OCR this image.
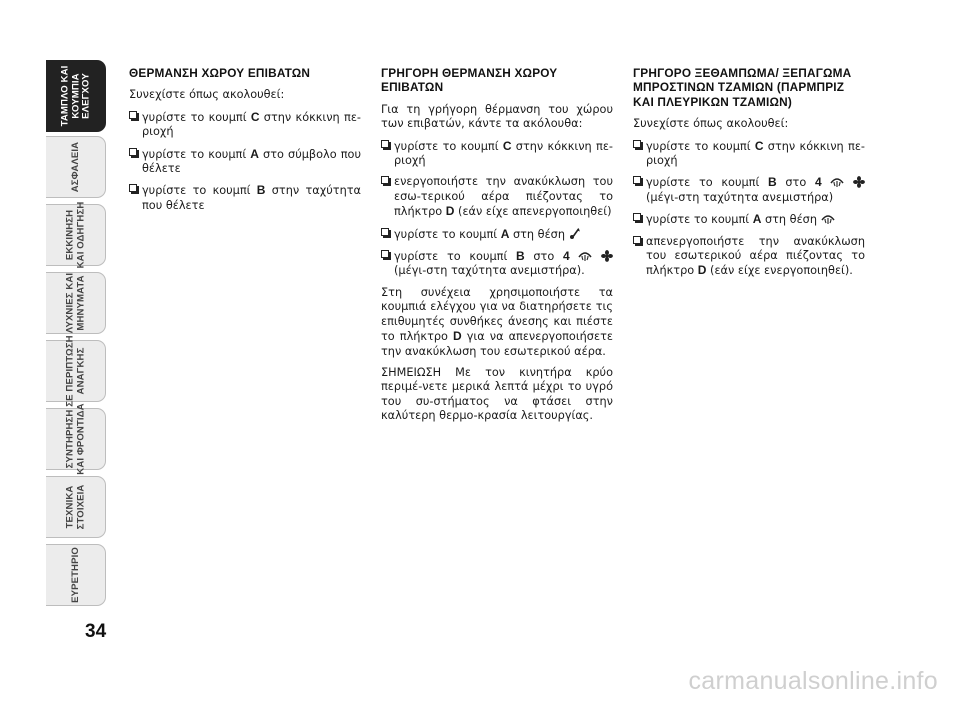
ΤΑΜΠΛΟ ΚΑΙ
ΚΟΥΜΠΙΑ
ΕΛΕΓΧΟΥ
ΑΣΦΑΛΕΙΑ
ΕΚΚΙΝΗΣΗ
ΚΑΙ ΟΔΗΓΗΣΗ
ΛΥΧΝΙΕΣ ΚΑΙ
ΜΗΝΥΜΑΤΑ
ΣΕ ΠΕΡΙΠΤΩΣΗ
ΑΝΑΓΚΗΣ
ΣΥΝΤΗΡΗΣΗ
ΚΑΙ ΦΡΟΝΤΙΔΑ
ΤΕΧΝΙΚΑ
ΣΤΟΙΧΕΙΑ
ΕΥΡΕΤΗΡΙΟ
34
ΘΕΡΜΑΝΣΗ ΧΩΡΟΥ ΕΠΙΒΑΤΩΝ
Συνεχίστε όπως ακολουθεί:
γυρίστε το κουμπί C στην κόκκινη πε-ριοχή
γυρίστε το κουμπί A στο σύμβολο που θέλετε
γυρίστε το κουμπί B στην ταχύτητα που θέλετε
ΓΡΗΓΟΡΗ ΘΕΡΜΑΝΣΗ ΧΩΡΟΥ ΕΠΙΒΑΤΩΝ
Για τη γρήγορη θέρμανση του χώρου των επιβατών, κάντε τα ακόλουθα:
γυρίστε το κουμπί C στην κόκκινη πε-ριοχή
ενεργοποιήστε την ανακύκλωση του εσω-τερικού αέρα πιέζοντας το πλήκτρο D (εάν είχε απενεργοποιηθεί)
γυρίστε το κουμπί A στη θέση
γυρίστε το κουμπί B στο 4   (μέγι-στη ταχύτητα ανεμιστήρα).
Στη συνέχεια χρησιμοποιήστε τα κουμπιά ελέγχου για να διατηρήσετε τις επιθυμητές συνθήκες άνεσης και πιέστε το πλήκτρο D για να απενεργοποιήσετε την ανακύκλωση του εσωτερικού αέρα.
ΣΗΜΕΙΩΣΗ Με τον κινητήρα κρύο περιμέ-νετε μερικά λεπτά μέχρι το υγρό του συ-στήματος να φτάσει στην καλύτερη θερμο-κρασία λειτουργίας.
ΓΡΗΓΟΡΟ ΞΕΘΑΜΠΩΜΑ/ ΞΕΠΑΓΩΜΑ ΜΠΡΟΣΤΙΝΩΝ ΤΖΑΜΙΩΝ (ΠΑΡΜΠΡΙΖ ΚΑΙ ΠΛΕΥΡΙΚΩΝ ΤΖΑΜΙΩΝ)
Συνεχίστε όπως ακολουθεί:
γυρίστε το κουμπί C στην κόκκινη πε-ριοχή
γυρίστε το κουμπί B στο 4   (μέγι-στη ταχύτητα ανεμιστήρα)
γυρίστε το κουμπί A στη θέση
απενεργοποιήστε την ανακύκλωση του εσωτερικού αέρα πιέζοντας το πλήκτρο D (εάν είχε ενεργοποιηθεί).
carmanualsonline.info
